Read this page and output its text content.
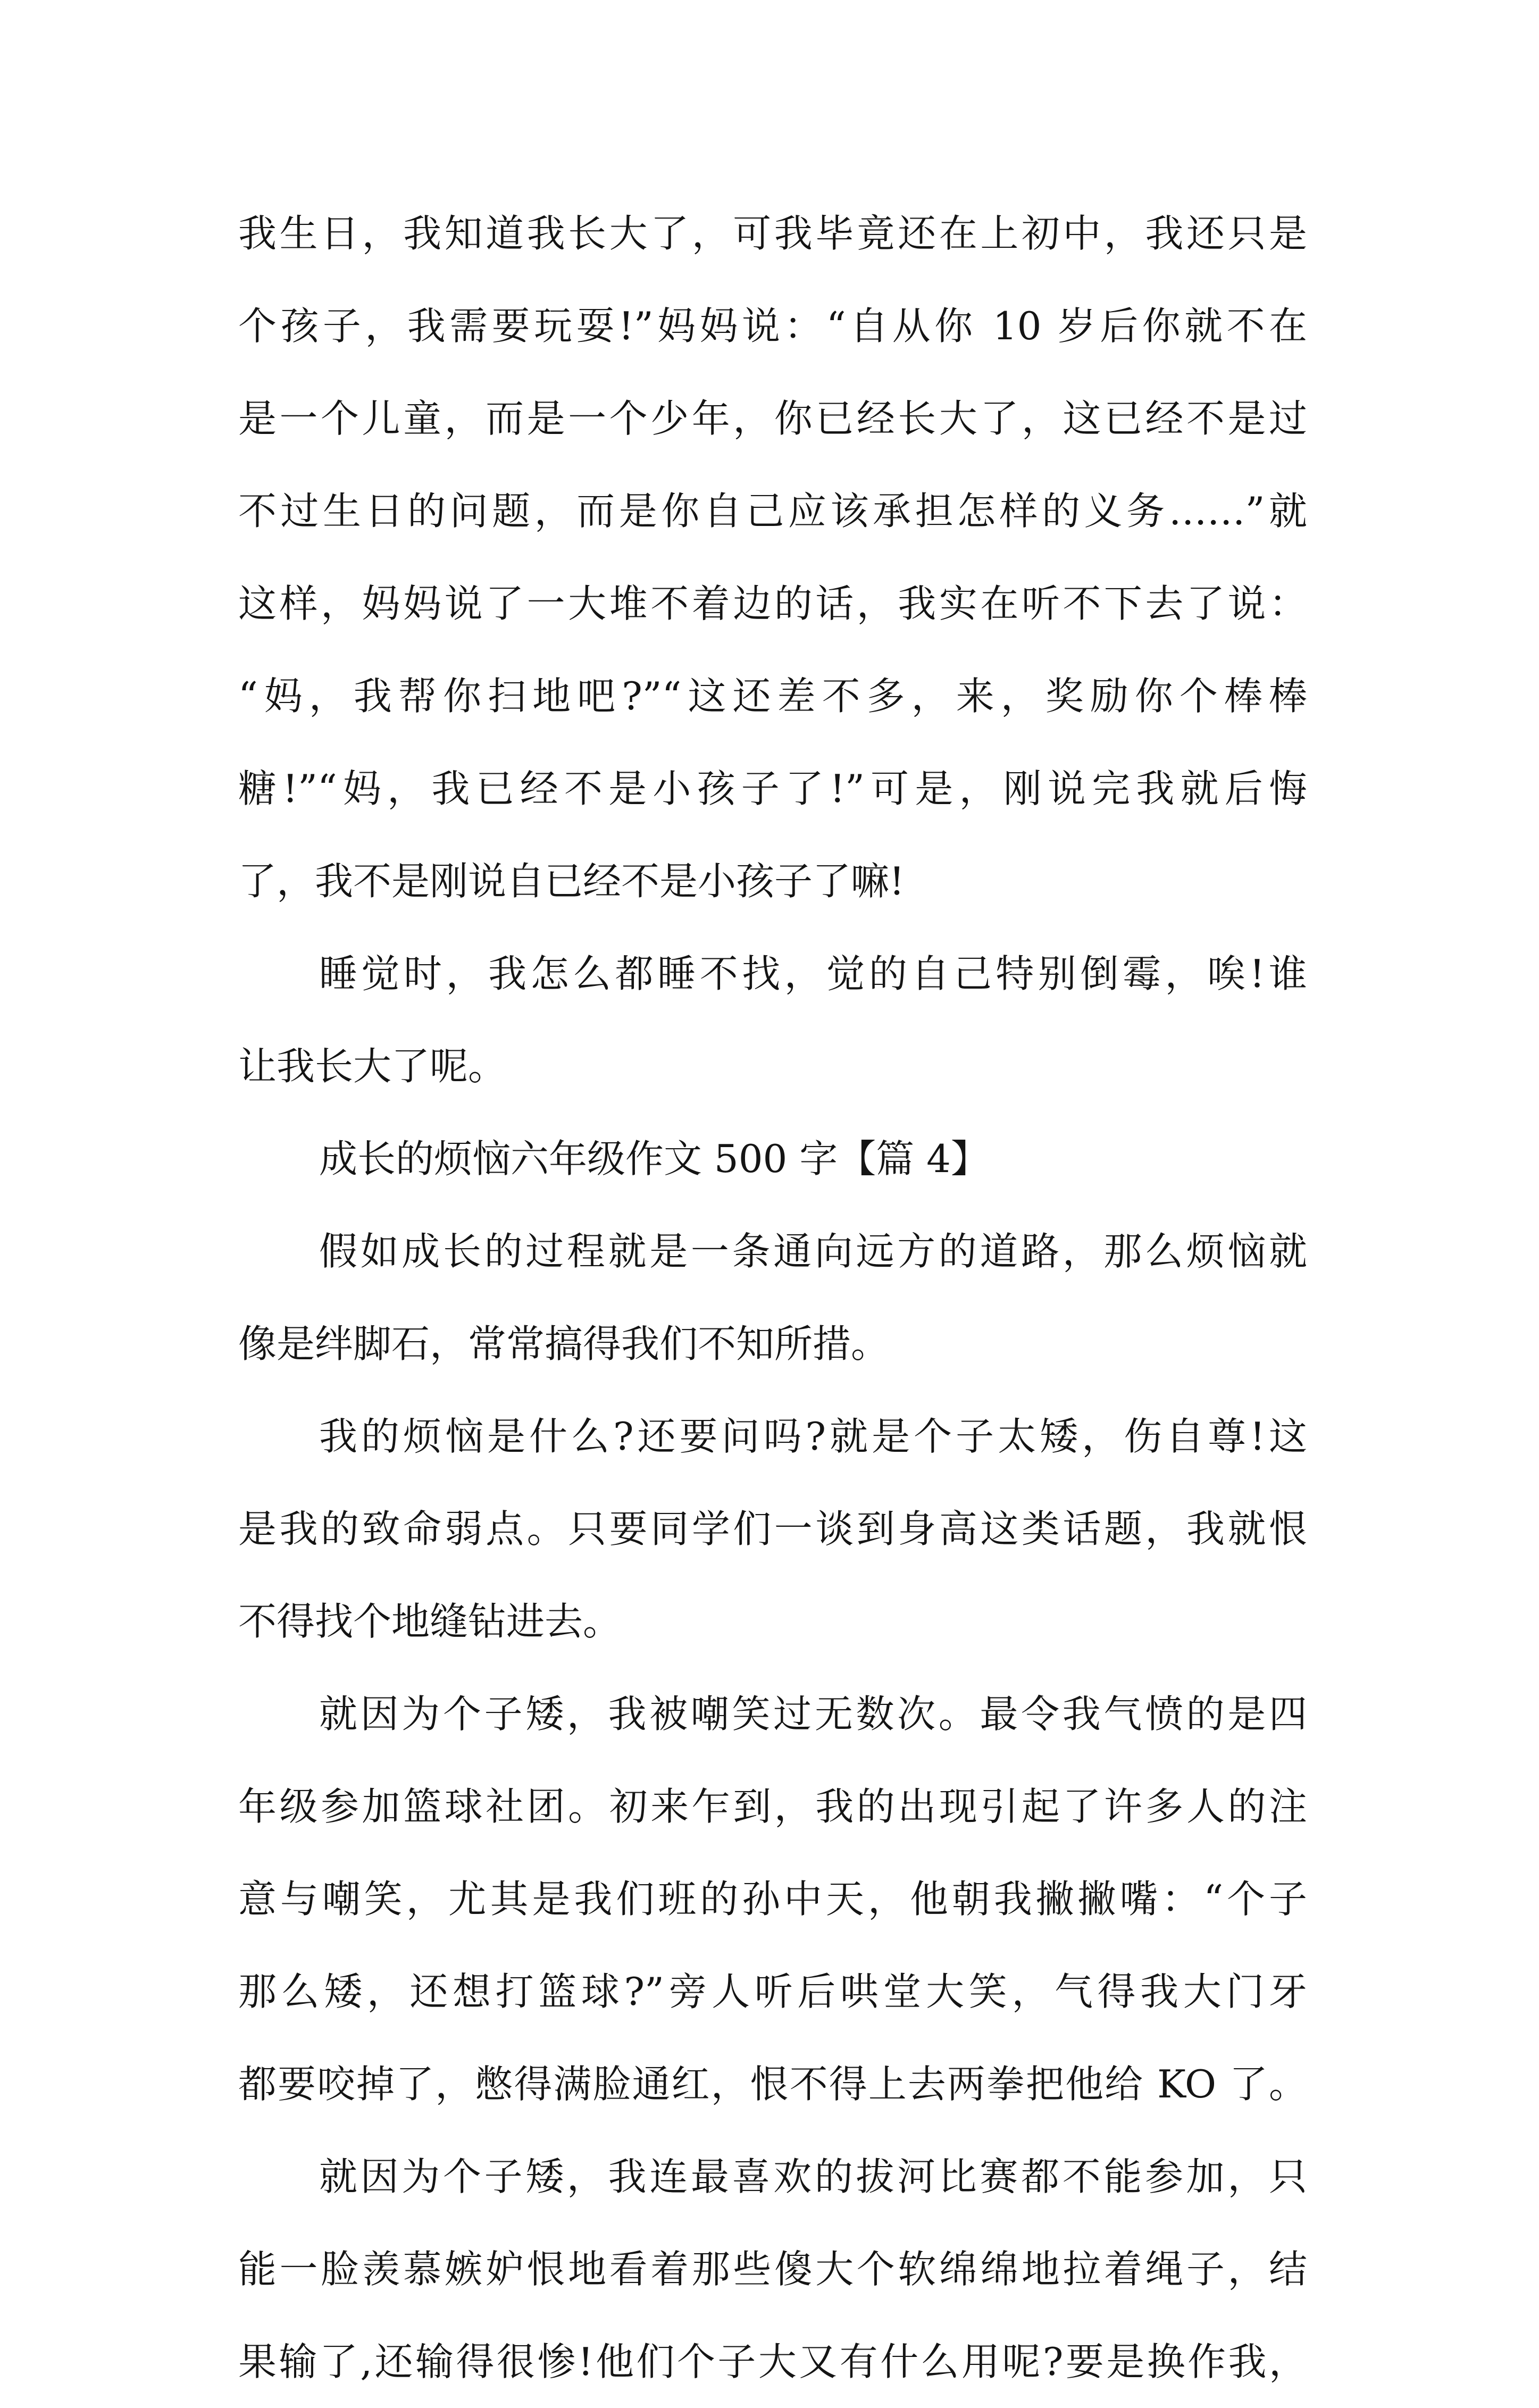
我生日，我知道我长大了，可我毕竟还在上初中，我还只是
个孩子，我需要玩耍!”妈妈说：“自从你 10 岁后你就不在
是一个儿童，而是一个少年，你已经长大了，这已经不是过
不过生日的问题，而是你自己应该承担怎样的义务……”就
这样，妈妈说了一大堆不着边的话，我实在听不下去了说：
“妈，我帮你扫地吧?”“这还差不多，来，奖励你个棒棒
糖!”“妈，我已经不是小孩子了!”可是，刚说完我就后悔
了，我不是刚说自已经不是小孩子了嘛!
睡觉时，我怎么都睡不找，觉的自己特别倒霉，唉!谁
让我长大了呢。
成长的烦恼六年级作文 500 字【篇 4】
假如成长的过程就是一条通向远方的道路，那么烦恼就
像是绊脚石，常常搞得我们不知所措。
我的烦恼是什么?还要问吗?就是个子太矮，伤自尊!这
是我的致命弱点。只要同学们一谈到身高这类话题，我就恨
不得找个地缝钻进去。
就因为个子矮，我被嘲笑过无数次。最令我气愤的是四
年级参加篮球社团。初来乍到，我的出现引起了许多人的注
意与嘲笑，尤其是我们班的孙中天，他朝我撇撇嘴：“个子
那么矮，还想打篮球?”旁人听后哄堂大笑，气得我大门牙
都要咬掉了，憋得满脸通红，恨不得上去两拳把他给 KO 了。
就因为个子矮，我连最喜欢的拔河比赛都不能参加，只
能一脸羡慕嫉妒恨地看着那些傻大个软绵绵地拉着绳子，结
果输了,还输得很惨!他们个子大又有什么用呢?要是换作我，
